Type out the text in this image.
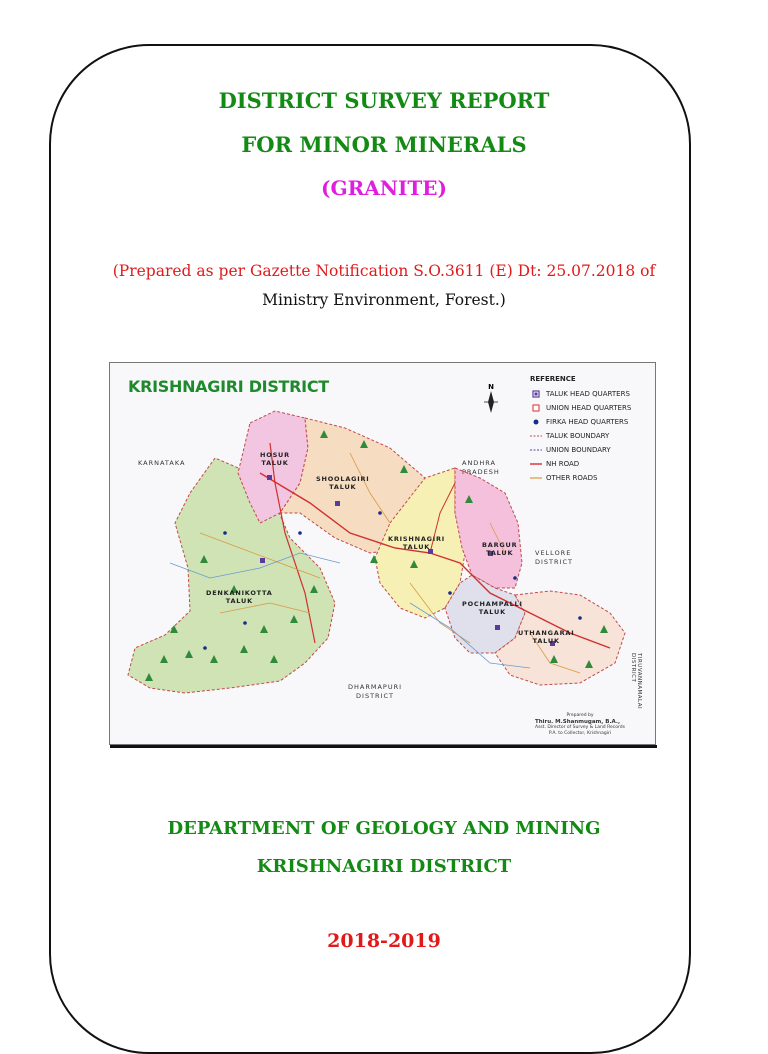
DISTRICT SURVEY REPORT
FOR MINOR MINERALS
(GRANITE)
(Prepared as per Gazette Notification S.O.3611 (E) Dt: 25.07.2018 of
Ministry Environment, Forest.)
KRISHNAGIRI DISTRICT	N
REFERENCE
TALUK HEAD QUARTERS
UNION HEAD QUARTERS
FIRKA HEAD QUARTERS
TALUK BOUNDARY
UNION BOUNDARY
NH ROAD
OTHER ROADS
KARNATAKA	ANDHRA
PRADESH
VELLORE
DISTRICT
DHARMAPURI
DISTRICT	TIRUVANNAMALAI
DISTRICT
HOSUR
TALUK
SHOOLAGIRI
TALUK
KRISHNAGIRI
TALUK	BARGUR
TALUK
DENKANIKOTTA
TALUK	POCHAMPALLI
TALUK
UTHANGARAI
TALUK
Prepared by
Thiru. M.Shanmugam, B.A.,
Asst. Director of Survey & Land Records
P.A. to Collector, Krishnagiri
DEPARTMENT OF GEOLOGY AND MINING
KRISHNAGIRI DISTRICT
2018-2019
